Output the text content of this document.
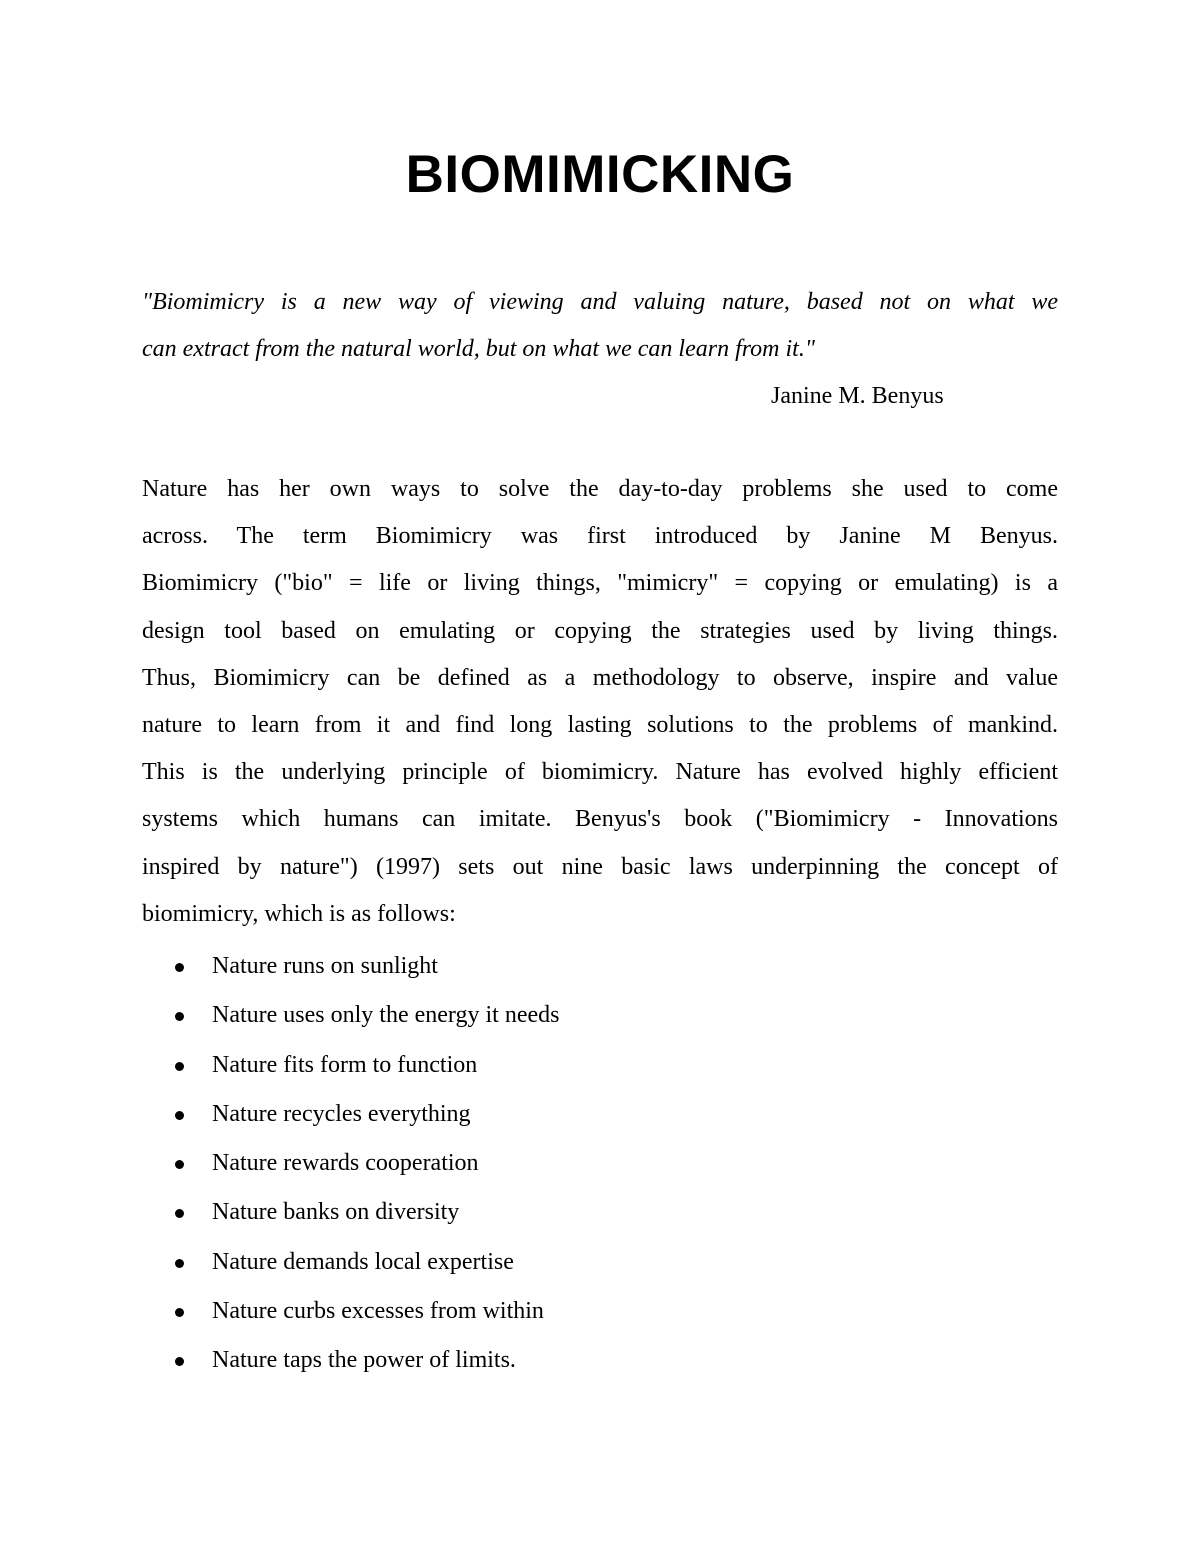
BIOMIMICKING
"Biomimicry is a new way of viewing and valuing nature, based not on what we
can extract from the natural world, but on what we can learn from it."
Janine M. Benyus
Nature has her own ways to solve the day-to-day problems she used to come
across. The term Biomimicry was first introduced by Janine M Benyus.
Biomimicry ("bio" = life or living things, "mimicry" = copying or emulating) is a
design tool based on emulating or copying the strategies used by living things.
Thus, Biomimicry can be defined as a methodology to observe, inspire and value
nature to learn from it and find long lasting solutions to the problems of mankind.
This is the underlying principle of biomimicry. Nature has evolved highly efficient
systems which humans can imitate. Benyus's book ("Biomimicry - Innovations
inspired by nature") (1997) sets out nine basic laws underpinning the concept of
biomimicry, which is as follows:
Nature runs on sunlight
Nature uses only the energy it needs
Nature fits form to function
Nature recycles everything
Nature rewards cooperation
Nature banks on diversity
Nature demands local expertise
Nature curbs excesses from within
Nature taps the power of limits.
